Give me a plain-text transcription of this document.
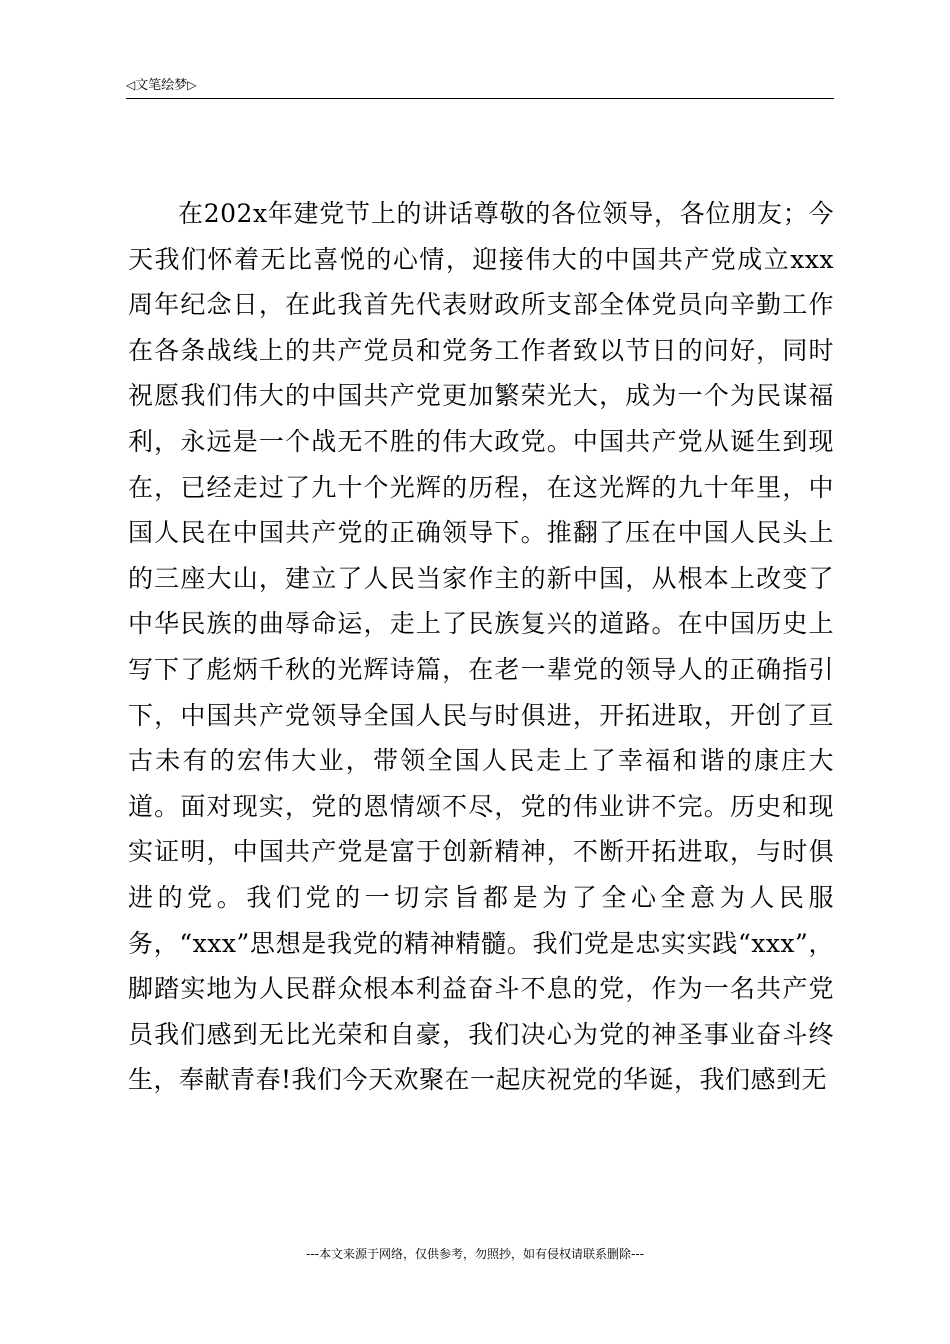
◁文笔绘梦▷

在202x年建党节上的讲话尊敬的各位领导，各位朋友；今天我们怀着无比喜悦的心情，迎接伟大的中国共产党成立xxx周年纪念日，在此我首先代表财政所支部全体党员向辛勤工作在各条战线上的共产党员和党务工作者致以节日的问好，同时祝愿我们伟大的中国共产党更加繁荣光大，成为一个为民谋福利，永远是一个战无不胜的伟大政党。中国共产党从诞生到现在，已经走过了九十个光辉的历程，在这光辉的九十年里，中国人民在中国共产党的正确领导下。推翻了压在中国人民头上的三座大山，建立了人民当家作主的新中国，从根本上改变了中华民族的曲辱命运，走上了民族复兴的道路。在中国历史上写下了彪炳千秋的光辉诗篇，在老一辈党的领导人的正确指引下，中国共产党领导全国人民与时俱进，开拓进取，开创了亘古未有的宏伟大业，带领全国人民走上了幸福和谐的康庄大道。面对现实，党的恩情颂不尽，党的伟业讲不完。历史和现实证明，中国共产党是富于创新精神，不断开拓进取，与时俱进的党。我们党的一切宗旨都是为了全心全意为人民服务，“xxx”思想是我党的精神精髓。我们党是忠实实践“xxx”，脚踏实地为人民群众根本利益奋斗不息的党，作为一名共产党员我们感到无比光荣和自豪，我们决心为党的神圣事业奋斗终生，奉献青春!我们今天欢聚在一起庆祝党的华诞，我们感到无

---本文来源于网络，仅供参考，勿照抄，如有侵权请联系删除---
